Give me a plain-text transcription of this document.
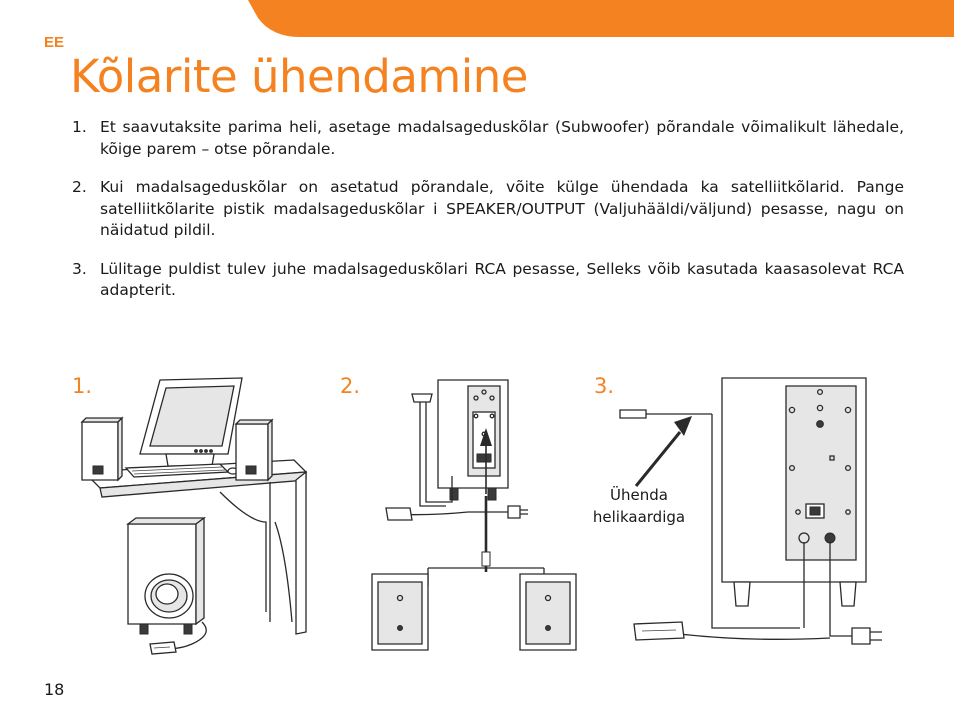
EE
Kõlarite ühendamine
1. Et saavutaksite parima heli, asetage madalsageduskõlar (Subwoofer) põrandale võimalikult lähedale, kõige parem – otse põrandale.
2. Kui madalsageduskõlar on asetatud põrandale, võite külge ühendada ka satelliitkõlarid. Pange satelliitkõlarite pistik madalsageduskõlar i SPEAKER/OUTPUT (Valjuhääldi/väljund) pesasse, nagu on näidatud pildil.
3. Lülitage puldist tulev juhe madalsageduskõlari RCA pesasse, Selleks võib kasutada kaasasolevat RCA adapterit.
1.	2.	3.
Ühenda
helikaardiga
18
